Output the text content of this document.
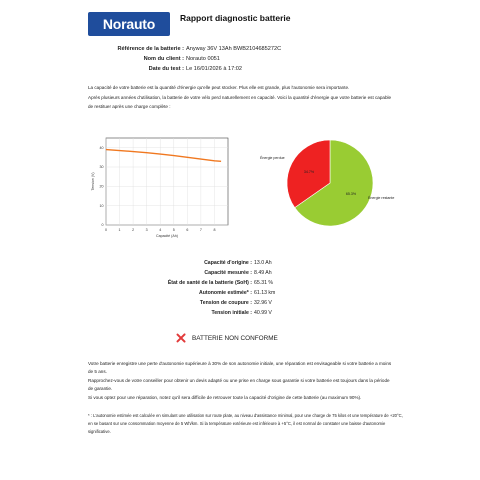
Norauto	Rapport diagnostic batterie
Référence de la batterie : Anyway 36V 13Ah BWB2104685272C
Nom du client : Norauto 0051
Date du test : Le 16/01/2026 à 17:02

La capacité de votre batterie est la quantité d'énergie qu'elle peut stocker. Plus elle est grande, plus l'autonomie sera importante.

Après plusieurs années d'utilisation, la batterie de votre vélo perd naturellement en capacité. Voici la quantité d'énergie que votre batterie est capable de restituer après une charge complète :

0	1	2	3	4	5	6	7	8
0
10
20
30
40
Capacité (Ah)
Tension (V)
65.3%
Énergie restante
34.7%
Énergie perdue
Capacité d'origine : 13.0 Ah
Capacité mesurée : 8.49 Ah
État de santé de la batterie (SoH) : 65.31 %
Autonomie estimée* : 61.13 km
Tension de coupure : 32.96 V
Tension initiale : 40.99 V
BATTERIE NON CONFORME

Votre batterie enregistre une perte d'autonomie supérieure à 30% de son autonomie initiale, une réparation est envisageable si votre batterie a moins de 5 ans.

Rapprochez-vous de votre conseiller pour obtenir un devis adapté ou une prise en charge sous garantie si votre batterie est toujours dans la période de garantie.

Si vous optez pour une réparation, notez qu'il sera difficile de retrouver toute la capacité d'origine de cette batterie (au maximum 90%).

* : L'autonomie estimée est calculée en simulant une utilisation sur route plate, au niveau d'assistance minimal, pour une charge de 75 kilos et une température de +20°C, en se basant sur une consommation moyenne de 5 Wh/km. Si la température extérieure est inférieure à +5°C, il est normal de constater une baisse d'autonomie significative.
